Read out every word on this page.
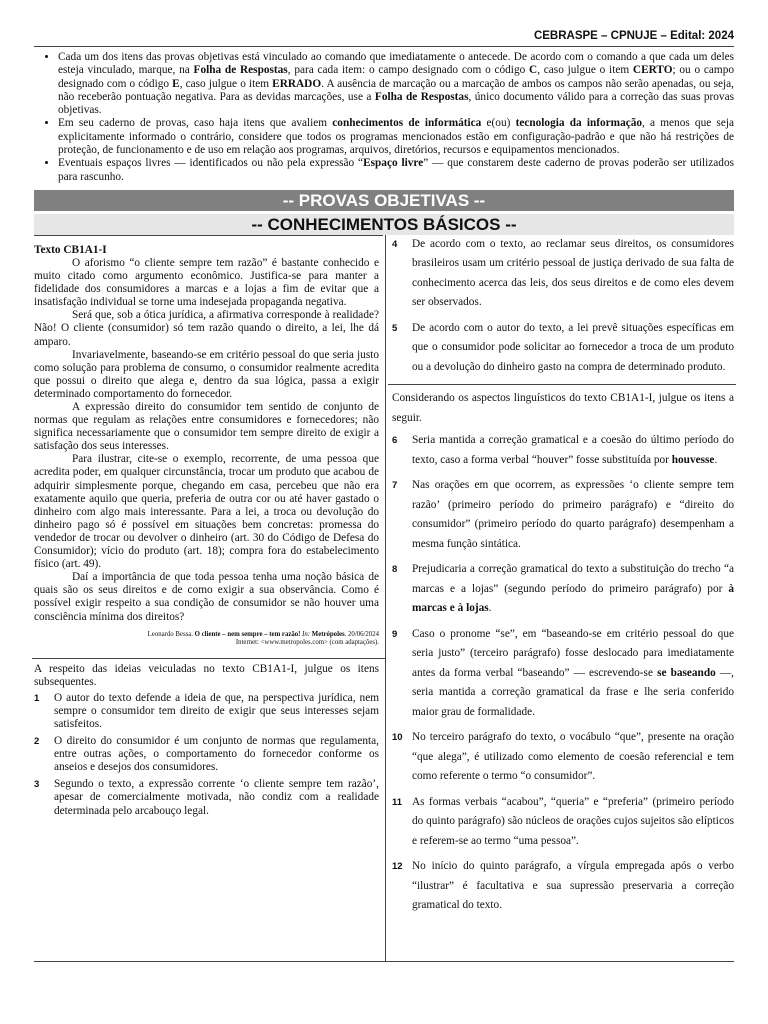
CEBRASPE – CPNUJE – Edital: 2024
• Cada um dos itens das provas objetivas está vinculado ao comando que imediatamente o antecede. De acordo com o comando a que cada um deles esteja vinculado, marque, na Folha de Respostas, para cada item: o campo designado com o código C, caso julgue o item CERTO; ou o campo designado com o código E, caso julgue o item ERRADO. A ausência de marcação ou a marcação de ambos os campos não serão apenadas, ou seja, não receberão pontuação negativa. Para as devidas marcações, use a Folha de Respostas, único documento válido para a correção das suas provas objetivas.
• Em seu caderno de provas, caso haja itens que avaliem conhecimentos de informática e(ou) tecnologia da informação, a menos que seja explicitamente informado o contrário, considere que todos os programas mencionados estão em configuração-padrão e que não há restrições de proteção, de funcionamento e de uso em relação aos programas, arquivos, diretórios, recursos e equipamentos mencionados.
• Eventuais espaços livres — identificados ou não pela expressão “Espaço livre” — que constarem deste caderno de provas poderão ser utilizados para rascunho.
-- PROVAS OBJETIVAS --
-- CONHECIMENTOS BÁSICOS --
Texto CB1A1-I

O aforismo “o cliente sempre tem razão” é bastante conhecido e muito citado como argumento econômico. Justifica-se para manter a fidelidade dos consumidores a marcas e a lojas a fim de evitar que a insatisfação individual se torne uma indesejada propaganda negativa.

Será que, sob a ótica jurídica, a afirmativa corresponde à realidade? Não! O cliente (consumidor) só tem razão quando o direito, a lei, lhe dá amparo.

Invariavelmente, baseando-se em critério pessoal do que seria justo como solução para problema de consumo, o consumidor realmente acredita que possui o direito que alega e, dentro da sua lógica, passa a exigir determinado comportamento do fornecedor.

A expressão direito do consumidor tem sentido de conjunto de normas que regulam as relações entre consumidores e fornecedores; não significa necessariamente que o consumidor tem sempre direito de exigir a satisfação dos seus interesses.

Para ilustrar, cite-se o exemplo, recorrente, de uma pessoa que acredita poder, em qualquer circunstância, trocar um produto que acabou de adquirir simplesmente porque, chegando em casa, percebeu que não era exatamente aquilo que queria, preferia de outra cor ou até haver gastado o dinheiro com algo mais interessante. Para a lei, a troca ou devolução do dinheiro pago só é possível em situações bem concretas: promessa do vendedor de trocar ou devolver o dinheiro (art. 30 do Código de Defesa do Consumidor); vício do produto (art. 18); compra fora do estabelecimento físico (art. 49).

Daí a importância de que toda pessoa tenha uma noção básica de quais são os seus direitos e de como exigir a sua observância. Como é possível exigir respeito a sua condição de consumidor se não houver uma consciência mínima dos direitos?

Leonardo Bessa. O cliente – nem sempre – tem razão! In: Metrópoles. 20/06/2024
Internet: <www.metropoles.com> (com adaptações).
A respeito das ideias veiculadas no texto CB1A1-I, julgue os itens subsequentes.
1	O autor do texto defende a ideia de que, na perspectiva jurídica, nem sempre o consumidor tem direito de exigir que seus interesses sejam satisfeitos.
2	O direito do consumidor é um conjunto de normas que regulamenta, entre outras ações, o comportamento do fornecedor conforme os anseios e desejos dos consumidores.
3	Segundo o texto, a expressão corrente ‘o cliente sempre tem razão’, apesar de comercialmente motivada, não condiz com a realidade determinada pelo arcabouço legal.
4	De acordo com o texto, ao reclamar seus direitos, os consumidores brasileiros usam um critério pessoal de justiça derivado de sua falta de conhecimento acerca das leis, dos seus direitos e de como eles devem ser observados.
5	De acordo com o autor do texto, a lei prevê situações específicas em que o consumidor pode solicitar ao fornecedor a troca de um produto ou a devolução do dinheiro gasto na compra de determinado produto.
Considerando os aspectos linguísticos do texto CB1A1-I, julgue os itens a seguir.
6	Seria mantida a correção gramatical e a coesão do último período do texto, caso a forma verbal “houver” fosse substituída por houvesse.
7	Nas orações em que ocorrem, as expressões ‘o cliente sempre tem razão’ (primeiro período do primeiro parágrafo) e “direito do consumidor” (primeiro período do quarto parágrafo) desempenham a mesma função sintática.
8	Prejudicaria a correção gramatical do texto a substituição do trecho “a marcas e a lojas” (segundo período do primeiro parágrafo) por à marcas e à lojas.
9	Caso o pronome “se”, em “baseando-se em critério pessoal do que seria justo” (terceiro parágrafo) fosse deslocado para imediatamente antes da forma verbal “baseando” — escrevendo-se se baseando —, seria mantida a correção gramatical da frase e lhe seria conferido maior grau de formalidade.
10 No terceiro parágrafo do texto, o vocábulo “que”, presente na oração “que alega”, é utilizado como elemento de coesão referencial e tem como referente o termo “o consumidor”.
11 As formas verbais “acabou”, “queria” e “preferia” (primeiro período do quinto parágrafo) são núcleos de orações cujos sujeitos são elípticos e referem-se ao termo “uma pessoa”.
12 No início do quinto parágrafo, a vírgula empregada após o verbo “ilustrar” é facultativa e sua supressão preservaria a correção gramatical do texto.
